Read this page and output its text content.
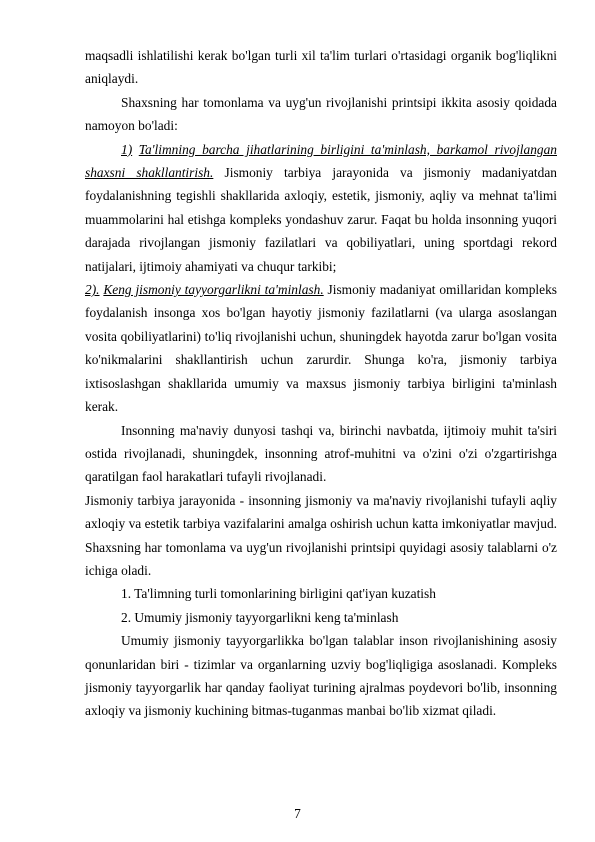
maqsadli ishlatilishi kerak bo'lgan turli xil ta'lim turlari o'rtasidagi organik bog'liqlikni aniqlaydi.

Shaxsning har tomonlama va uyg'un rivojlanishi printsipi ikkita asosiy qoidada namoyon bo'ladi:

1) Ta'limning barcha jihatlarining birligini ta'minlash, barkamol rivojlangan shaxsni shakllantirish. Jismoniy tarbiya jarayonida va jismoniy madaniyatdan foydalanishning tegishli shakllarida axloqiy, estetik, jismoniy, aqliy va mehnat ta'limi muammolarini hal etishga kompleks yondashuv zarur. Faqat bu holda insonning yuqori darajada rivojlangan jismoniy fazilatlari va qobiliyatlari, uning sportdagi rekord natijalari, ijtimoiy ahamiyati va chuqur tarkibi;

2). Keng jismoniy tayyorgarlikni ta'minlash. Jismoniy madaniyat omillaridan kompleks foydalanish insonga xos bo'lgan hayotiy jismoniy fazilatlarni (va ularga asoslangan vosita qobiliyatlarini) to'liq rivojlanishi uchun, shuningdek hayotda zarur bo'lgan vosita ko'nikmalarini shakllantirish uchun zarurdir. Shunga ko'ra, jismoniy tarbiya ixtisoslashgan shakllarida umumiy va maxsus jismoniy tarbiya birligini ta'minlash kerak.

Insonning ma'naviy dunyosi tashqi va, birinchi navbatda, ijtimoiy muhit ta'siri ostida rivojlanadi, shuningdek, insonning atrof-muhitni va o'zini o'zi o'zgartirishga qaratilgan faol harakatlari tufayli rivojlanadi.

Jismoniy tarbiya jarayonida - insonning jismoniy va ma'naviy rivojlanishi tufayli aqliy axloqiy va estetik tarbiya vazifalarini amalga oshirish uchun katta imkoniyatlar mavjud. Shaxsning har tomonlama va uyg'un rivojlanishi printsipi quyidagi asosiy talablarni o'z ichiga oladi.

1. Ta'limning turli tomonlarining birligini qat'iyan kuzatish

2. Umumiy jismoniy tayyorgarlikni keng ta'minlash

Umumiy jismoniy tayyorgarlikka bo'lgan talablar inson rivojlanishining asosiy qonunlaridan biri - tizimlar va organlarning uzviy bog'liqligiga asoslanadi. Kompleks jismoniy tayyorgarlik har qanday faoliyat turining ajralmas poydevori bo'lib, insonning axloqiy va jismoniy kuchining bitmas-tuganmas manbai bo'lib xizmat qiladi.

7
